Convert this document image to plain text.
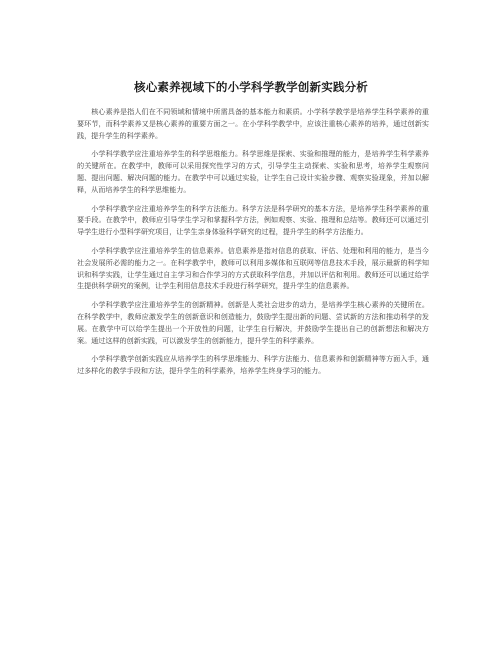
核心素养视域下的小学科学教学创新实践分析

核心素养是指人们在不同领域和情境中所需具备的基本能力和素质。小学科学教学是培养学生科学素养的重要环节，而科学素养又是核心素养的重要方面之一。在小学科学教学中，应该注重核心素养的培养，通过创新实践，提升学生的科学素养。

小学科学教学应注重培养学生的科学思维能力。科学思维是探索、实验和推理的能力，是培养学生科学素养的关键所在。在教学中，教师可以采用探究性学习的方式，引导学生主动探索、实验和思考，培养学生观察问题、提出问题、解决问题的能力。在教学中可以通过实验，让学生自己设计实验步骤、观察实验现象，并加以解释，从而培养学生的科学思维能力。

小学科学教学应注重培养学生的科学方法能力。科学方法是科学研究的基本方法，是培养学生科学素养的重要手段。在教学中，教师应引导学生学习和掌握科学方法，例如观察、实验、推理和总结等。教师还可以通过引导学生进行小型科学研究项目，让学生亲身体验科学研究的过程，提升学生的科学方法能力。

小学科学教学应注重培养学生的信息素养。信息素养是指对信息的获取、评估、处理和利用的能力，是当今社会发展所必需的能力之一。在科学教学中，教师可以利用多媒体和互联网等信息技术手段，展示最新的科学知识和科学实践，让学生通过自主学习和合作学习的方式获取科学信息，并加以评估和利用。教师还可以通过给学生提供科学研究的案例，让学生利用信息技术手段进行科学研究，提升学生的信息素养。

小学科学教学应注重培养学生的创新精神。创新是人类社会进步的动力，是培养学生核心素养的关键所在。在科学教学中，教师应激发学生的创新意识和创造能力，鼓励学生提出新的问题、尝试新的方法和推动科学的发展。在教学中可以给学生提出一个开放性的问题，让学生自行解决，并鼓励学生提出自己的创新想法和解决方案。通过这样的创新实践，可以激发学生的创新能力，提升学生的科学素养。

小学科学教学创新实践应从培养学生的科学思维能力、科学方法能力、信息素养和创新精神等方面入手，通过多样化的教学手段和方法，提升学生的科学素养，培养学生终身学习的能力。
